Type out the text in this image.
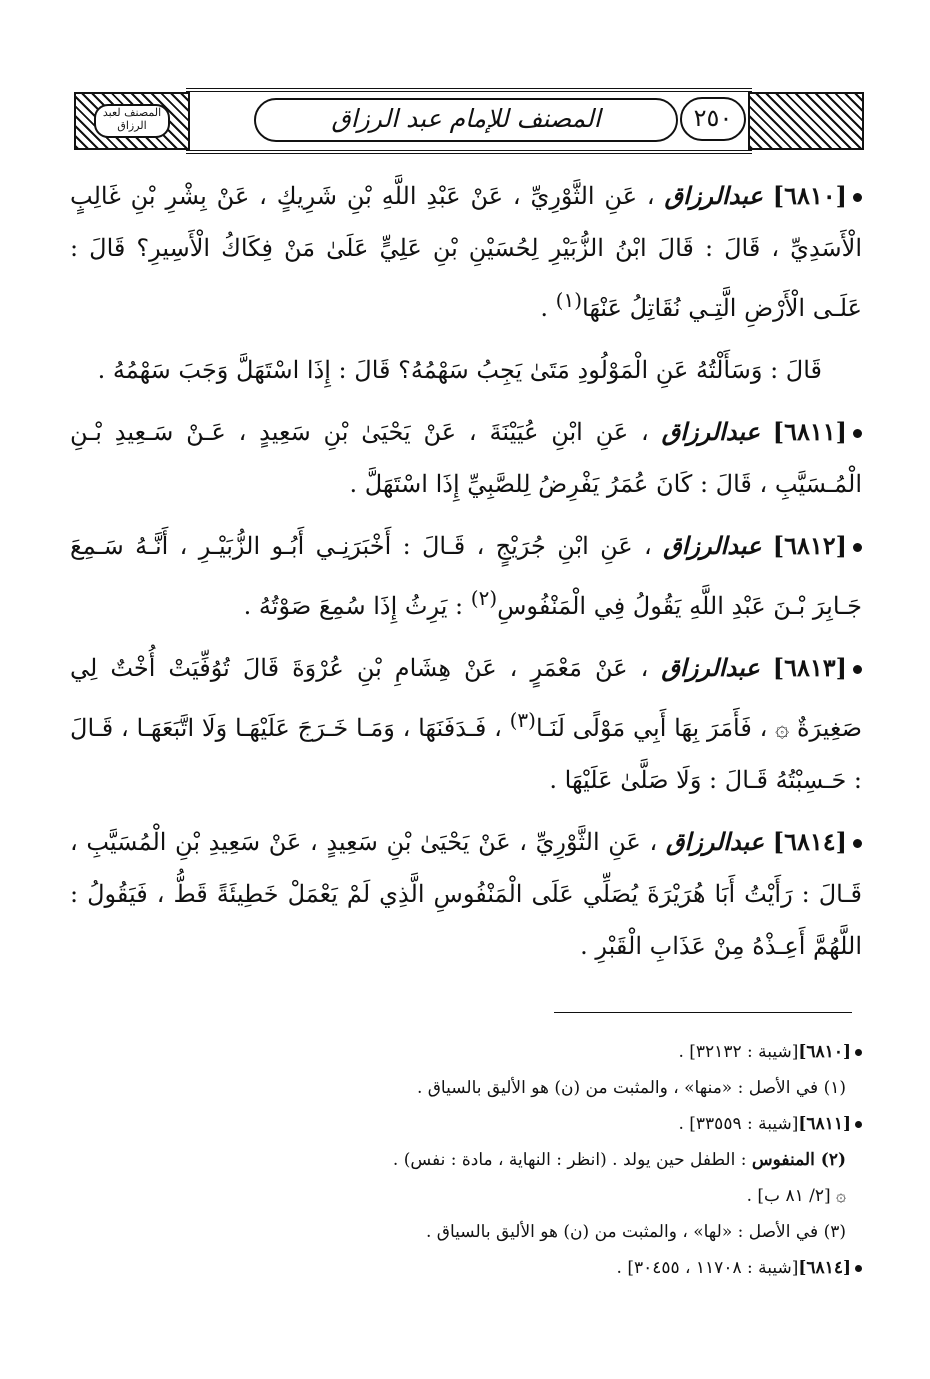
المصنف لعبد الرزاق	المصنف للإمام عبد الرزاق	٢٥٠
[٦٨١٠] عبدالرزاق ، عَنِ الثَّوْرِيِّ ، عَنْ عَبْدِ اللَّهِ بْنِ شَرِيكٍ ، عَنْ بِشْرِ بْنِ غَالِبٍ الْأَسَدِيِّ ، قَالَ : قَالَ ابْنُ الزُّبَيْرِ لِحُسَيْنِ بْنِ عَلِيٍّ عَلَىٰ مَنْ فِكَاكُ الْأَسِيرِ؟ قَالَ : عَلَـى الْأَرْضِ الَّتِـي نُقَاتِلُ عَنْهَا$^{(١)}$ .
قَالَ : وَسَأَلْتُهُ عَنِ الْمَوْلُودِ مَتَىٰ يَجِبُ سَهْمُهُ؟ قَالَ : إِذَا اسْتَهَلَّ وَجَبَ سَهْمُهُ .
[٦٨١١] عبدالرزاق ، عَنِ ابْنِ عُيَيْنَةَ ، عَنْ يَحْيَىٰ بْنِ سَعِيدٍ ، عَـنْ سَـعِيدِ بْـنِ الْمُـسَيَّبِ ، قَالَ : كَانَ عُمَرُ يَفْرِضُ لِلصَّبِيِّ إِذَا اسْتَهَلَّ .
[٦٨١٢] عبدالرزاق ، عَنِ ابْنِ جُرَيْجٍ ، قَـالَ : أَخْبَرَنِـي أَبُـو الزُّبَيْـرِ ، أَنَّـهُ سَـمِعَ جَـابِرَ بْـنَ عَبْدِ اللَّهِ يَقُولُ فِي الْمَنْفُوسِ$^{(٢)}$ : يَرِثُ إِذَا سُمِعَ صَوْتُهُ .
[٦٨١٣] عبدالرزاق ، عَنْ مَعْمَرٍ ، عَنْ هِشَامِ بْنِ عُرْوَةَ قَالَ تُوُفِّيَتْ أُخْتٌ لِي صَغِيرَةٌ ۞ ، فَأَمَرَ بِهَا أَبِي مَوْلًى لَنَـا$^{(٣)}$ ، فَـدَفَنَهَا ، وَمَـا خَـرَجَ عَلَيْهَـا وَلَا اتَّبَعَهَـا ، قَـالَ : حَـسِبْتُهُ قَـالَ : وَلَا صَلَّىٰ عَلَيْهَا .
[٦٨١٤] عبدالرزاق ، عَنِ الثَّوْرِيِّ ، عَنْ يَحْيَىٰ بْنِ سَعِيدٍ ، عَنْ سَعِيدِ بْنِ الْمُسَيَّبِ ، قَـالَ : رَأَيْتُ أَبَا هُرَيْرَةَ يُصَلِّي عَلَى الْمَنْفُوسِ الَّذِي لَمْ يَعْمَلْ خَطِيئَةً قَطُّ ، فَيَقُولُ : اللَّهُمَّ أَعِـذْهُ مِنْ عَذَابِ الْقَبْرِ .
[٦٨١٠][شيبة : ٣٢١٣٢] .
(١) في الأصل : «منها» ، والمثبت من (ن) هو الأليق بالسياق .
[٦٨١١][شيبة : ٣٣٥٥٩] .
(٢) المنفوس : الطفل حين يولد . (انظر : النهاية ، مادة : نفس) .
۞ [٢/ ٨١ ب] .
(٣) في الأصل : «لها» ، والمثبت من (ن) هو الأليق بالسياق .
[٦٨١٤][شيبة : ١١٧٠٨ ، ٣٠٤٥٥] .
